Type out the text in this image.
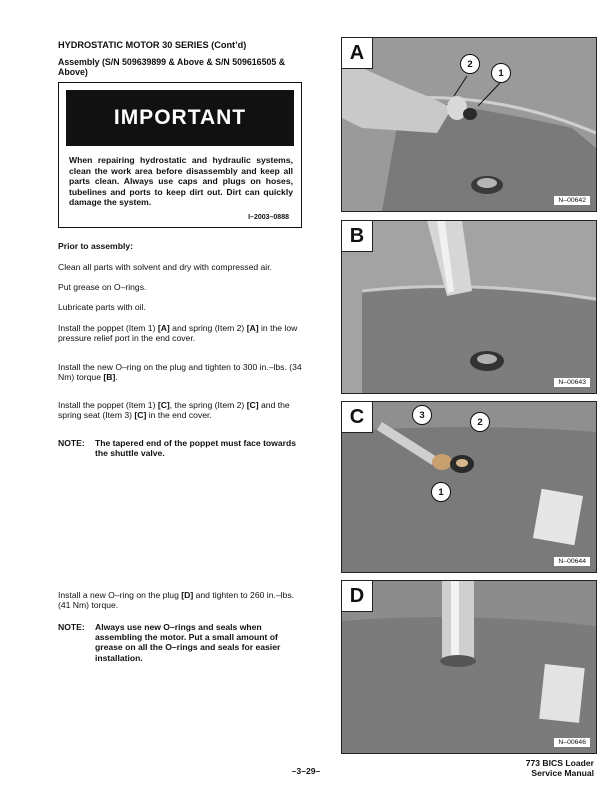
HYDROSTATIC MOTOR 30 SERIES (Cont’d)
Assembly (S/N 509639899 & Above & S/N 509616505 & Above)
IMPORTANT
When repairing hydrostatic and hydraulic systems, clean the work area before disassembly and keep all parts clean. Always use caps and plugs on hoses, tubelines and ports to keep dirt out. Dirt can quickly damage the system.
I–2003–0888
Prior to assembly:
Clean all parts with solvent and dry with compressed air.
Put grease on O–rings.
Lubricate parts with oil.
Install the poppet (Item 1) [A] and spring (Item 2) [A] in the low pressure relief port in the end cover.
Install the new O–ring on the plug and tighten to 300 in.–lbs. (34 Nm) torque [B].
Install the poppet (Item 1) [C], the spring (Item 2) [C] and the spring seat (Item 3) [C] in the end cover.
NOTE: The tapered end of the poppet must face towards the shuttle valve.
Install a new O–ring on the plug [D] and tighten to 260 in.–lbs. (41 Nm) torque.
NOTE: Always use new O–rings and seals when assembling the motor. Put a small amount of grease on all the O–rings and seals for easier installation.
A
2
1
N–00642
B
N–00643
C	3
2
1
N–00644
D
N–00646
–3–29–
773 BICS Loader
Service Manual
